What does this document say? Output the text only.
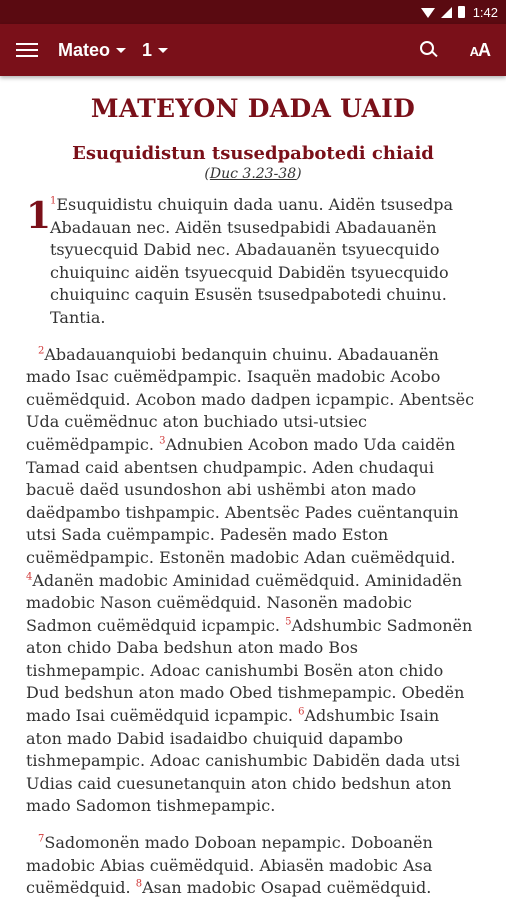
1:42
Mateo 1	AA
MATEYON DADA UAID
Esuquidistun tsusedpabotedi chiaid
(Duc 3.23-38)
1
$^1$Esuquidistu chuiquin dada uanu. Aidën tsusedpa Abadauan nec. Aidën tsusedpabidi Abadauanën tsyuecquid Dabid nec. Abadauanën tsyuecquido chuiquinc aidën tsyuecquid Dabidën tsyuecquido chuiquinc caquin Esusën tsusedpabotedi chuinu. Tantia.

$^2$Abadauanquiobi bedanquin chuinu. Abadauanën mado Isac cuëmëdpampic. Isaquën madobic Acobo cuëmëdquid. Acobon mado dadpen icpampic. Abentsëc Uda cuëmëdnuc aton buchiado utsi-utsiec cuëmëdpampic. $^3$Adnubien Acobon mado Uda caidën Tamad caid abentsen chudpampic. Aden chudaqui bacuë daëd usundoshon abi ushëmbi aton mado daëdpambo tishpampic. Abentsëc Pades cuëntanquin utsi Sada cuëmpampic. Padesën mado Eston cuëmëdpampic. Estonën madobic Adan cuëmëdquid. $^4$Adanën madobic Aminidad cuëmëdquid. Aminidadën madobic Nason cuëmëdquid. Nasonën madobic Sadmon cuëmëdquid icpampic. $^5$Adshumbic Sadmonën aton chido Daba bedshun aton mado Bos tishmepampic. Adoac canishumbi Bosën aton chido Dud bedshun aton mado Obed tishmepampic. Obedën mado Isai cuëmëdquid icpampic. $^6$Adshumbic Isain aton mado Dabid isadaidbo chuiquid dapambo tishmepampic. Adoac canishumbic Dabidën dada utsi Udias caid cuesunetanquin aton chido bedshun aton mado Sadomon tishmepampic.

$^7$Sadomonën mado Doboan nepampic. Doboanën madobic Abias cuëmëdquid. Abiasën madobic Asa cuëmëdquid. $^8$Asan madobic Osapad cuëmëdquid.
